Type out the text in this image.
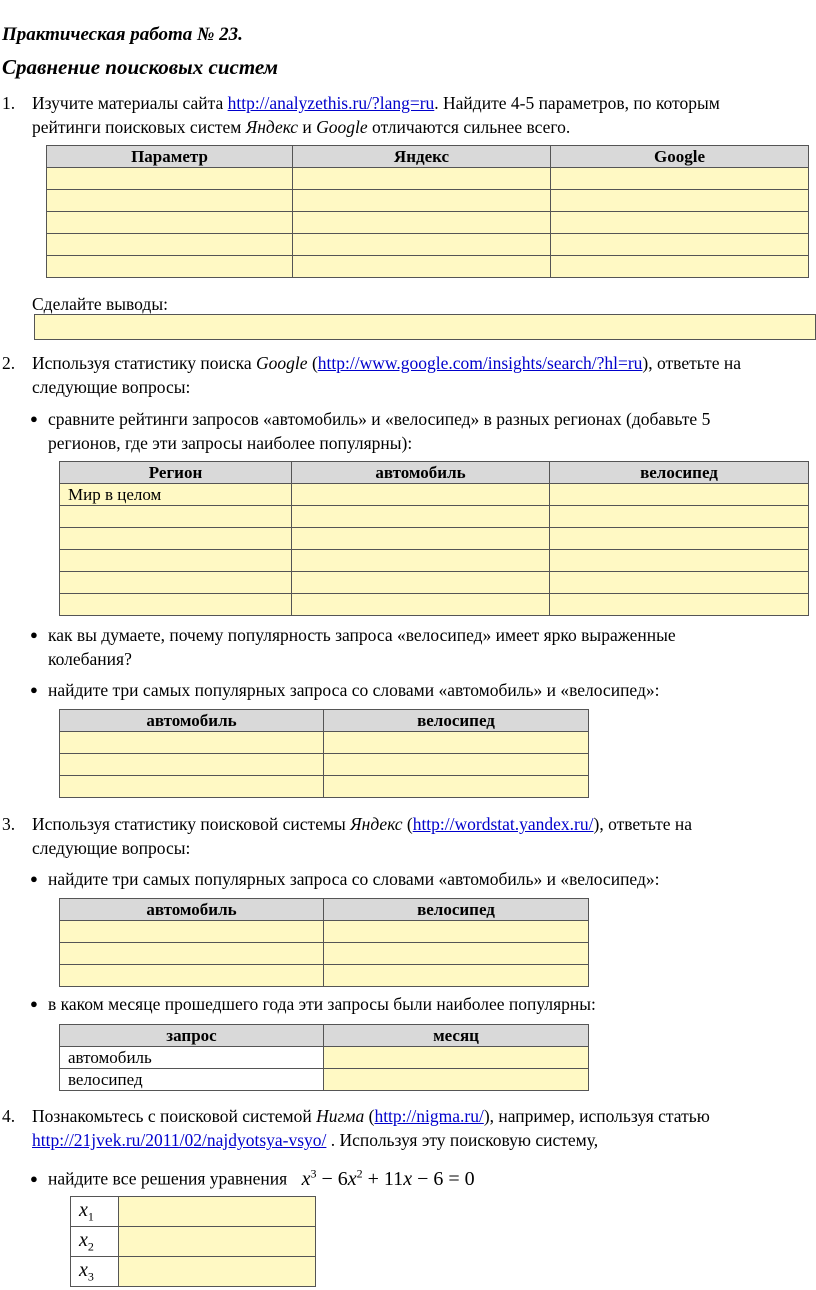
Практическая работа № 23.
Сравнение поисковых систем
1. Изучите материалы сайта http://analyzethis.ru/?lang=ru. Найдите 4-5 параметров, по которым
рейтинги поисковых систем Яндекс и Google отличаются сильнее всего.
Параметр	Яндекс	Google

Сделайте выводы:
2. Используя статистику поиска Google (http://www.google.com/insights/search/?hl=ru), ответьте на
следующие вопросы:
● сравните рейтинги запросов «автомобиль» и «велосипед» в разных регионах (добавьте 5
регионов, где эти запросы наиболее популярны):
Регион	автомобиль	велосипед
Мир в целом		

● как вы думаете, почему популярность запроса «велосипед» имеет ярко выраженные
колебания?
● найдите три самых популярных запроса со словами «автомобиль» и «велосипед»:
автомобиль	велосипед

3. Используя статистику поисковой системы Яндекс (http://wordstat.yandex.ru/), ответьте на
следующие вопросы:
● найдите три самых популярных запроса со словами «автомобиль» и «велосипед»:
автомобиль	велосипед

● в каком месяце прошедшего года эти запросы были наиболее популярны:
запрос	месяц
автомобиль	
велосипед	
4. Познакомьтесь с поисковой системой Нигма (http://nigma.ru/), например, используя статью
http://21jvek.ru/2011/02/najdyotsya-vsyo/ . Используя эту поисковую систему,
● найдите все решения уравнения $x^3 - 6x^2 + 11x - 6 = 0$
$x_1$	
$x_2$	
$x_3$	
